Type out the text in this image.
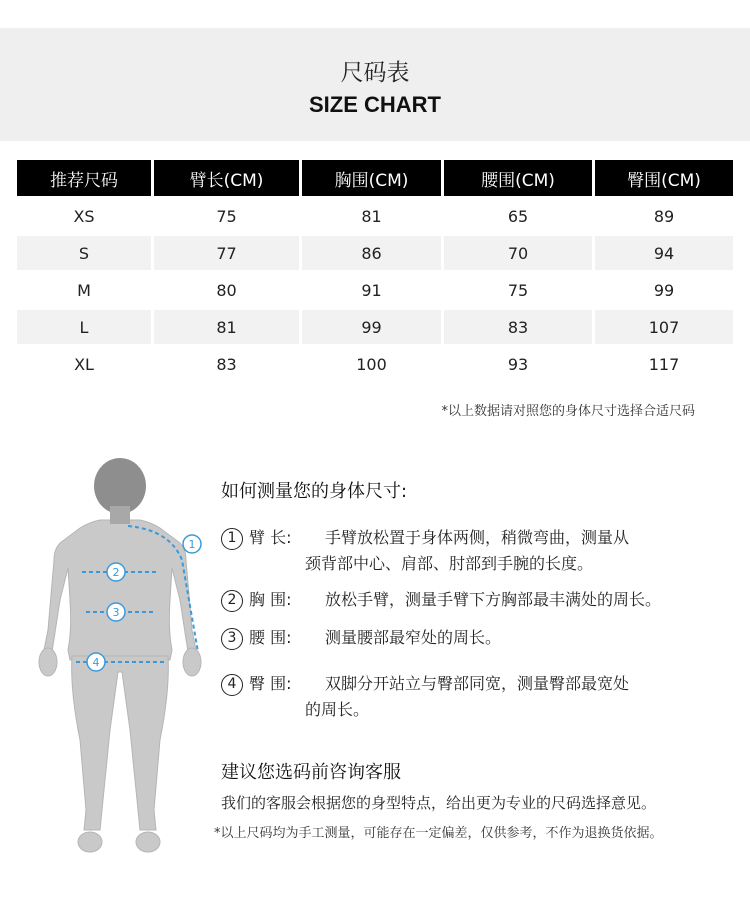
尺码表
SIZE CHART
推荐尺码	臂长(CM)	胸围(CM)	腰围(CM)	臀围(CM)
XS	75	81	65	89
S	77	86	70	94
M	80	91	75	99
L	81	99	83	107
XL	83	100	93	117
*以上数据请对照您的身体尺寸选择合适尺码
1
2
3
4
如何测量您的身体尺寸:
1 臂 长: 手臂放松置于身体两侧，稍微弯曲，测量从
颈背部中心、肩部、肘部到手腕的长度。
2 胸 围: 放松手臂，测量手臂下方胸部最丰满处的周长。
3 腰 围: 测量腰部最窄处的周长。
4 臀 围: 双脚分开站立与臀部同宽，测量臀部最宽处
的周长。
建议您选码前咨询客服
我们的客服会根据您的身型特点，给出更为专业的尺码选择意见。
*以上尺码均为手工测量，可能存在一定偏差，仅供参考，不作为退换货依据。
